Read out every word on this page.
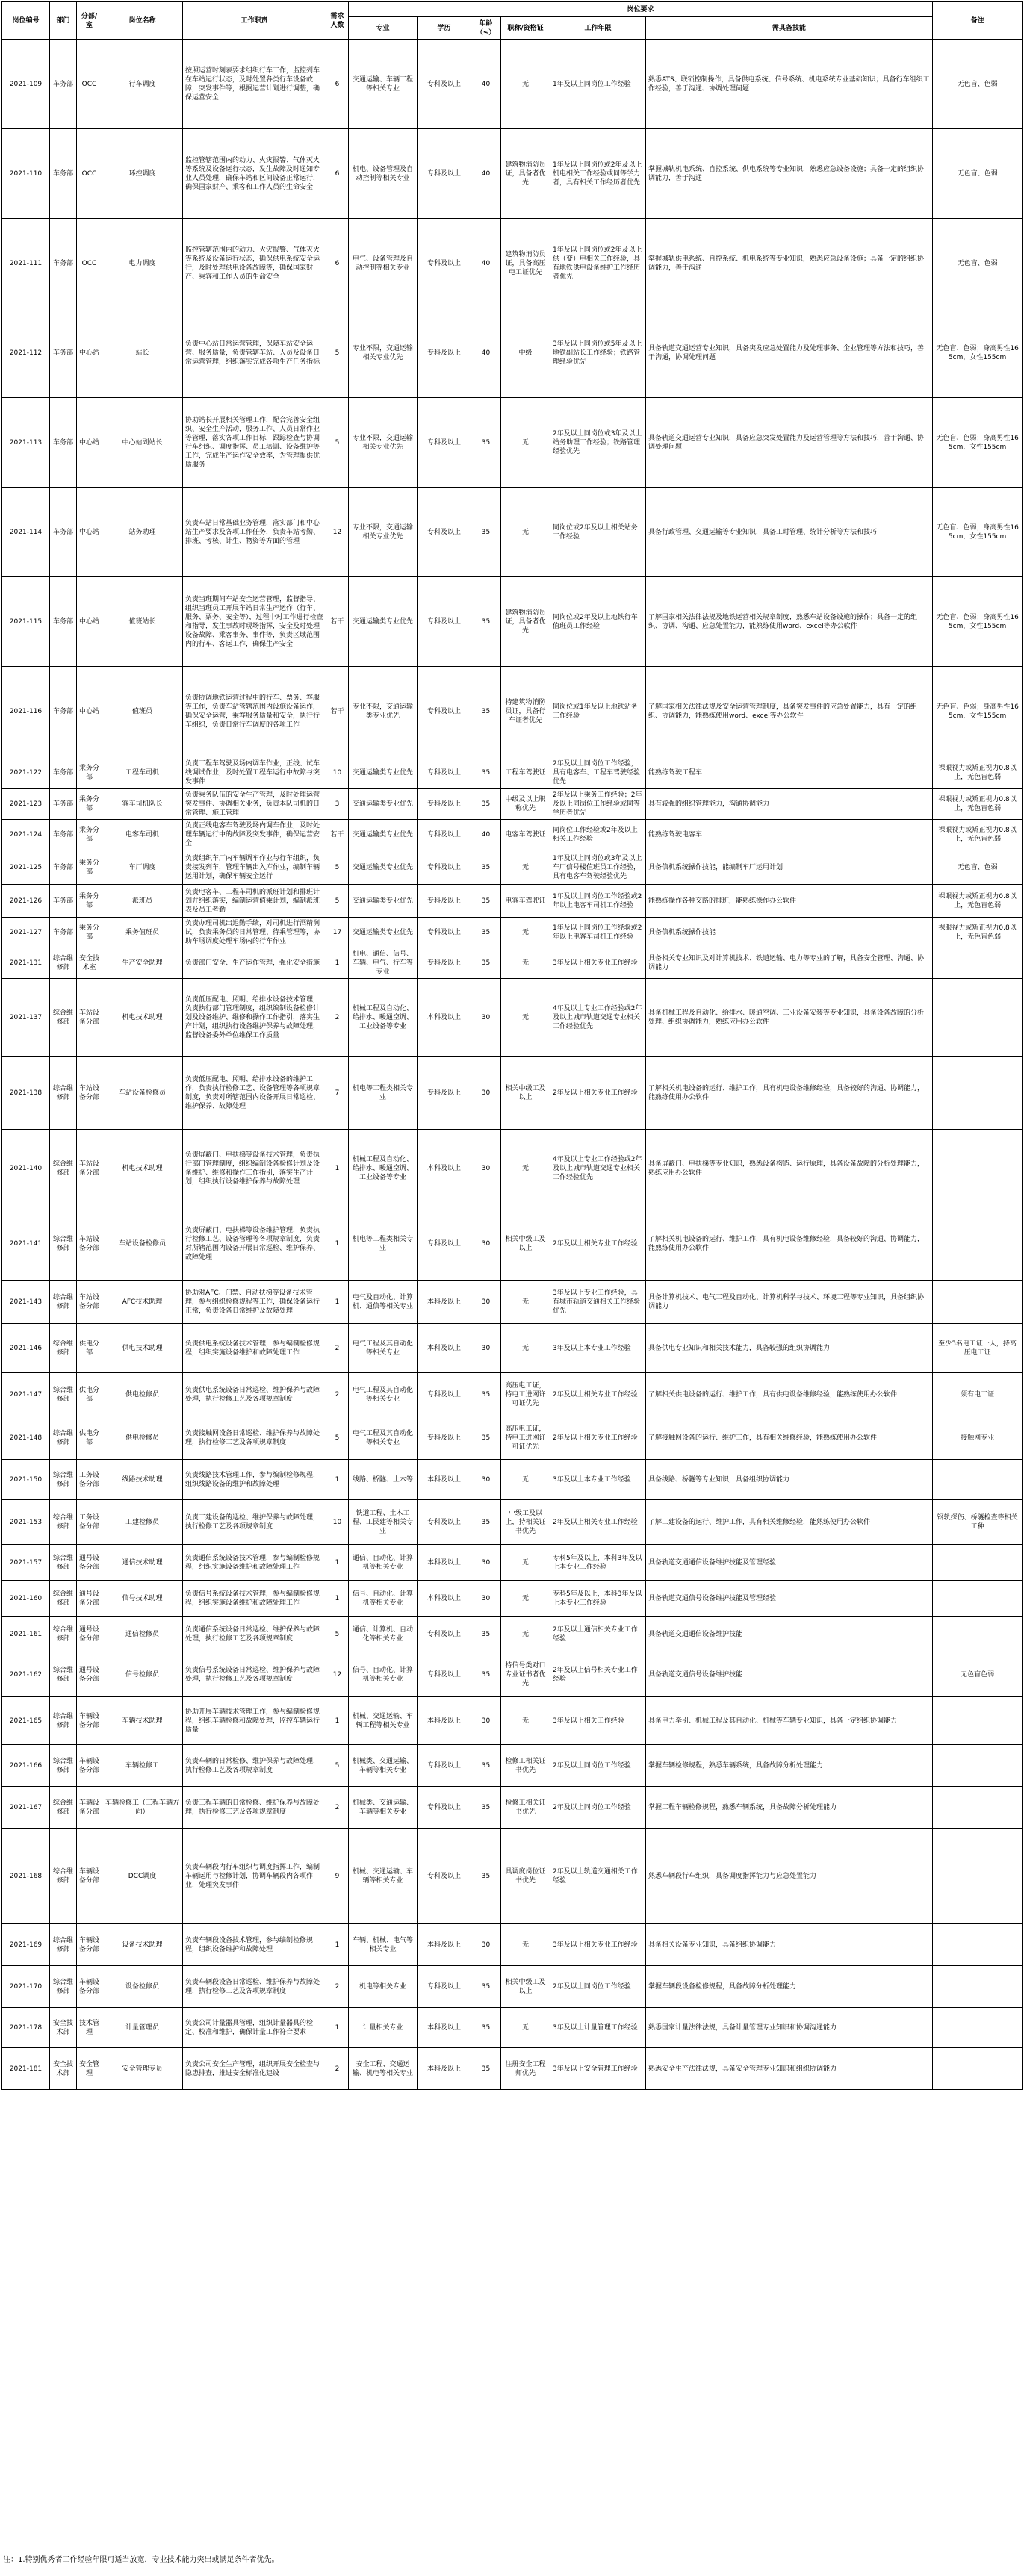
岗位编号	部门	分部/室	岗位名称	工作职责	需求人数	岗位要求						备注
						专业	学历	年龄（≤）	职称/资格证	工作年限	需具备技能	
2021-109	车务部	OCC	行车调度	按照运营时刻表要求组织行车工作，监控列车在车站运行状态，及时处置各类行车设备故障，突发事件等，根据运营计划进行调整，确保运营安全	6	交通运输、车辆工程等相关专业	专科及以上	40	无	1年及以上同岗位工作经验	熟悉ATS、联锁控制操作，具备供电系统、信号系统、机电系统专业基础知识；具备行车组织工作经验，善于沟通、协调处理问题	无色盲、色弱
2021-110	车务部	OCC	环控调度	监控管辖范围内的动力、火灾报警、气体灭火等系统及设备运行状态，发生故障及时通知专业人员处理，确保车站和区间设备正常运行，确保国家财产、乘客和工作人员的生命安全	6	机电、设备管理及自动控制等相关专业	专科及以上	40	建筑物消防员证，具备者优先	1年及以上同岗位或2年及以上机电相关工作经验或同等学力者，具有相关工作经历者优先	掌握城轨机电系统、自控系统、供电系统等专业知识，熟悉应急设备设施；具备一定的组织协调能力，善于沟通	无色盲、色弱
2021-111	车务部	OCC	电力调度	监控管辖范围内的动力、火灾报警、气体灭火等系统及设备运行状态，确保供电系统安全运行，及时处理供电设备故障等，确保国家财产、乘客和工作人员的生命安全	6	电气、设备管理及自动控制等相关专业	专科及以上	40	建筑物消防员证，具备高压电工证优先	1年及以上同岗位或2年及以上供（变）电相关工作经验，具有地铁供电设备维护工作经历者优先	掌握城轨供电系统、自控系统、机电系统等专业知识，熟悉应急设备设施；具备一定的组织协调能力，善于沟通	无色盲、色弱
2021-112	车务部	中心站	站长	负责中心站日常运营管理，保障车站安全运营、服务质量，负责管辖车站、人员及设备日常运营管理，组织落实完成各项生产任务指标	5	专业不限，交通运输相关专业优先	专科及以上	40	中级	3年及以上同岗位或5年及以上地铁副站长工作经验；铁路管理经验优先	具备轨道交通运营专业知识，具备突发应急处置能力及处理事务、企业管理等方法和技巧，善于沟通，协调处理问题	无色盲、色弱；身高男性165cm，女性155cm
2021-113	车务部	中心站	中心站副站长	协助站长开展相关管理工作，配合完善安全组织、安全生产活动，服务工作、人员日常作业等管理，落实各项工作目标，跟踪检查与协调行车组织、调度指挥、员工培训、设备维护等工作，完成生产运作安全效率，为管理提供优质服务	5	专业不限，交通运输相关专业优先	专科及以上	35	无	2年及以上同岗位或3年及以上站务助理工作经验；铁路管理经验优先	具备轨道交通运营专业知识，具备应急突发处置能力及运营管理等方法和技巧，善于沟通、协调处理问题	无色盲、色弱；身高男性165cm，女性155cm
2021-114	车务部	中心站	站务助理	负责车站日常基础业务管理，落实部门和中心站生产要求及各项工作任务，负责车站考勤、排班、考核、计生、物资等方面的管理	12	专业不限，交通运输相关专业优先	专科及以上	35	无	同岗位或2年及以上相关站务工作经验	具备行政管理、交通运输等专业知识，具备工时管理、统计分析等方法和技巧	无色盲、色弱；身高男性165cm，女性155cm
2021-115	车务部	中心站	值班站长	负责当班期间车站安全运营管理，监督指导、组织当班员工开展车站日常生产运作（行车、服务、票务、安全等），过程中对工作进行检查和指导，发生事故时现场指挥，安全及时处理设备故障、乘客事务、事件等，负责区域范围内的行车、客运工作，确保生产安全	若干	交通运输类专业优先	专科及以上	35	建筑物消防员证，具备者优先	同岗位或2年及以上地铁行车值班员工作经验	了解国家相关法律法规及地铁运营相关规章制度，熟悉车站设备设施的操作；具备一定的组织、协调、沟通、应急处置能力，能熟练使用word、excel等办公软件	无色盲、色弱；身高男性165cm，女性155cm
2021-116	车务部	中心站	值班员	负责协调地铁运营过程中的行车、票务、客服等工作，负责车站管辖范围内设施设备运作，确保安全运营，乘客服务质量和安全，执行行车组织，负责日常行车调度的各项工作	若干	专业不限，交通运输类专业优先	专科及以上	35	持建筑物消防员证，具备行车证者优先	同岗位或1年及以上地铁站务工作经验	了解国家相关法律法规及安全运营管理制度，具备突发事件的应急处置能力，具有一定的组织、协调能力，能熟练使用word、excel等办公软件	无色盲、色弱；身高男性165cm，女性155cm
2021-122	车务部	乘务分部	工程车司机	负责工程车驾驶及场内调车作业，正线、试车线调试作业，及时处置工程车运行中故障与突发事件	10	交通运输类专业优先	专科及以上	35	工程车驾驶证	2年及以上同岗位工作经验，具有电客车、工程车驾驶经验优先	能熟练驾驶工程车	裸眼视力或矫正视力0.8以上，无色盲色弱
2021-123	车务部	乘务分部	客车司机队长	负责乘务队伍的安全生产管理，及时处理运营突发事件、协调相关业务，负责本队司机的日常管理、施工管理	3	交通运输类专业优先	专科及以上	35	中级及以上职称优先	2年及以上乘务工作经验；2年及以上同岗位工作经验或同等学历者优先	具有较强的组织管理能力，沟通协调能力	裸眼视力或矫正视力0.8以上，无色盲色弱
2021-124	车务部	乘务分部	电客车司机	负责正线电客车驾驶及场内调车作业，及时处理车辆运行中的故障及突发事件，确保运营安全	若干	交通运输类专业优先	专科及以上	40	电客车驾驶证	同岗位工作经验或2年及以上相关工作经验	能熟练驾驶电客车	裸眼视力或矫正视力0.8以上，无色盲色弱
2021-125	车务部	乘务分部	车厂调度	负责组织车厂内车辆调车作业与行车组织，负责接发列车，管理车辆出入库作业，编制车辆运用计划，确保车辆安全运行	5	交通运输类专业优先	专科及以上	35	无	1年及以上同岗位或3年及以上车厂信号楼值班员工作经验，具有电客车驾驶经验优先	具备信机系统操作技能，能编制车厂运用计划	无色盲、色弱
2021-126	车务部	乘务分部	派班员	负责电客车、工程车司机的派班计划和排班计划并组织落实，编制运营值乘计划，编制派班表及员工考勤	5	交通运输类专业优先	专科及以上	35	电客车驾驶证	1年及以上同岗位工作经验或2年以上电客车司机工作经验	能熟练操作各种交路的排班，能熟练操作办公软件	裸眼视力或矫正视力0.8以上，无色盲色弱
2021-127	车务部	乘务分部	乘务值班员	负责办理司机出退勤手续，对司机进行酒精测试，负责乘务员的日常管理、待乘管理等，协助车场调度处理车场内的行车作业	17	交通运输类专业优先	专科及以上	35	无	1年及以上同岗位工作经验或2年以上电客车司机工作经验	具备信机系统操作技能	裸眼视力或矫正视力0.8以上，无色盲色弱
2021-131	综合维修部	安全技术室	生产安全助理	负责部门安全、生产运作管理，强化安全措施	1	机电、通信、信号、车辆、电气、行车等专业	专科及以上	35	无	3年及以上相关专业工作经验	具备相关专业知识及对计算机技术、铁道运输、电力等专业的了解，具备安全管理、沟通、协调能力	
2021-137	综合维修部	车站设备分部	机电技术助理	负责低压配电、照明、给排水设备技术管理，负责执行部门管理制度，组织编制设备检修计划及设备维护、维修和操作工作指引，落实生产计划，组织执行设备维护保养与故障处理，监督设备委外单位维保工作质量	2	机械工程及自动化、给排水、暖通空调、工业设备等专业	本科及以上	30	无	4年及以上专业工作经验或2年及以上城市轨道交通专业相关工作经验优先	具备机械工程及自动化、给排水、暖通空调、工业设备安装等专业知识，具备设备故障的分析处理、组织协调能力，熟练应用办公软件	
2021-138	综合维修部	车站设备分部	车站设备检修员	负责低压配电、照明、给排水设备的维护工作，负责执行检修工艺、设备管理等各项规章制度，负责对所辖范围内设备开展日常巡检、维护保养、故障处理	7	机电等工程类相关专业	专科及以上	30	相关中级工及以上	2年及以上相关专业工作经验	了解相关机电设备的运行、维护工作，具有机电设备维修经验，具备较好的沟通、协调能力，能熟练使用办公软件	
2021-140	综合维修部	车站设备分部	机电技术助理	负责屏蔽门、电扶梯等设备技术管理，负责执行部门管理制度，组织编制设备检修计划及设备维护、维修和操作工作指引，落实生产计划，组织执行设备维护保养与故障处理	1	机械工程及自动化、给排水、暖通空调、工业设备等专业	本科及以上	30	无	4年及以上专业工作经验或2年及以上城市轨道交通专业相关工作经验优先	具备屏蔽门、电扶梯等专业知识，熟悉设备构造、运行原理，具备设备故障的分析处理能力，熟练应用办公软件	
2021-141	综合维修部	车站设备分部	车站设备检修员	负责屏蔽门、电扶梯等设备维护管理，负责执行检修工艺、设备管理等各项规章制度，负责对所辖范围内设备开展日常巡检、维护保养、故障处理	1	机电等工程类相关专业	专科及以上	30	相关中级工及以上	2年及以上相关专业工作经验	了解相关机电设备的运行、维护工作，具有机电设备维修经验，具备较好的沟通、协调能力，能熟练使用办公软件	
2021-143	综合维修部	车站设备分部	AFC技术助理	协助对AFC、门禁、自动扶梯等设备技术管理，参与组织检修规程等工作，确保设备运行正常，负责设备日常维护及故障处理	1	电气及自动化、计算机、通信等相关专业	本科及以上	30	无	3年及以上专业工作经验，具有城市轨道交通相关工作经验优先	具备计算机技术、电气工程及自动化、计算机科学与技术、环境工程等专业知识，具备组织协调能力	
2021-146	综合维修部	供电分部	供电技术助理	负责供电系统设备技术管理，参与编制检修规程，组织实施设备维护和故障处理工作	2	电气工程及其自动化等相关专业	本科及以上	30	无	3年及以上本专业工作经验	具备供电专业知识和相关技术能力，具备较强的组织协调能力	至少3名电工证一人，持高压电工证
2021-147	综合维修部	供电分部	供电检修员	负责供电系统设备日常巡检、维护保养与故障处理，执行检修工艺及各项规章制度	2	电气工程及其自动化等相关专业	专科及以上	35	高压电工证，持电工进网许可证优先	2年及以上相关专业工作经验	了解相关供电设备的运行、维护工作，具有供电设备维修经验，能熟练使用办公软件	须有电工证
2021-148	综合维修部	供电分部	供电检修员	负责接触网设备日常巡检、维护保养与故障处理，执行检修工艺及各项规章制度	5	电气工程及其自动化等相关专业	专科及以上	35	高压电工证，持电工进网许可证优先	2年及以上相关专业工作经验	了解接触网设备的运行、维护工作，具有相关维修经验，能熟练使用办公软件	接触网专业
2021-150	综合维修部	工务设备分部	线路技术助理	负责线路技术管理工作，参与编制检修规程，组织线路设备的维护和故障处理	1	线路、桥隧、土木等	本科及以上	30	无	3年及以上本专业工作经验	具备线路、桥隧等专业知识，具备组织协调能力	
2021-153	综合维修部	工务设备分部	工建检修员	负责工建设备的巡检、维护保养与故障处理，执行检修工艺及各项规章制度	10	铁道工程、土木工程、工民建等相关专业	专科及以上	35	中级工及以上，持相关证书优先	2年及以上相关专业工作经验	了解工建设备的运行、维护工作，具有相关维修经验，能熟练使用办公软件	钢轨探伤、桥隧检查等相关工种
2021-157	综合维修部	通号设备分部	通信技术助理	负责通信系统设备技术管理，参与编制检修规程，组织实施设备维护和故障处理工作	1	通信、自动化、计算机等相关专业	本科及以上	30	无	专科5年及以上，本科3年及以上本专业工作经验	具备轨道交通通信设备维护技能及管理经验	
2021-160	综合维修部	通号设备分部	信号技术助理	负责信号系统设备技术管理，参与编制检修规程，组织实施设备维护和故障处理工作	1	信号、自动化、计算机等相关专业	本科及以上	30	无	专科5年及以上，本科3年及以上本专业工作经验	具备轨道交通信号设备维护技能及管理经验	
2021-161	综合维修部	通号设备分部	通信检修员	负责通信系统设备日常巡检、维护保养与故障处理，执行检修工艺及各项规章制度	5	通信、计算机、自动化等相关专业	专科及以上	35	无	2年及以上通信相关专业工作经验	具备轨道交通通信设备维护技能	
2021-162	综合维修部	通号设备分部	信号检修员	负责信号系统设备日常巡检、维护保养与故障处理，执行检修工艺及各项规章制度	12	信号、自动化、计算机等相关专业	专科及以上	35	持信号类对口专业证书者优先	2年及以上信号相关专业工作经验	具备轨道交通信号设备维护技能	无色盲色弱
2021-165	综合维修部	车辆设备分部	车辆技术助理	协助开展车辆技术管理工作，参与编制检修规程，组织车辆检修和故障处理，监控车辆运行质量	1	机械、交通运输、车辆工程等相关专业	本科及以上	30	无	3年及以上相关工作经验	具备电力牵引、机械工程及其自动化、机械等车辆专业知识，具备一定组织协调能力	
2021-166	综合维修部	车辆设备分部	车辆检修工	负责车辆的日常检修、维护保养与故障处理，执行检修工艺及各项规章制度	5	机械类、交通运输、车辆等相关专业	专科及以上	35	检修工相关证书优先	2年及以上同岗位工作经验	掌握车辆检修规程，熟悉车辆系统，具备故障分析处理能力	
2021-167	综合维修部	车辆设备分部	车辆检修工（工程车辆方向）	负责工程车辆的日常检修、维护保养与故障处理，执行检修工艺及各项规章制度	2	机械类、交通运输、车辆等相关专业	专科及以上	35	检修工相关证书优先	2年及以上同岗位工作经验	掌握工程车辆检修规程，熟悉车辆系统，具备故障分析处理能力	
2021-168	综合维修部	车辆设备分部	DCC调度	负责车辆段内行车组织与调度指挥工作，编制车辆运用与检修计划，协调车辆段内各项作业，处理突发事件	9	机械、交通运输、车辆等相关专业	专科及以上	35	具调度岗位证书优先	2年及以上轨道交通相关工作经验	熟悉车辆段行车组织，具备调度指挥能力与应急处置能力	
2021-169	综合维修部	车辆设备分部	设备技术助理	负责车辆段设备技术管理，参与编制检修规程，组织设备维护和故障处理	1	车辆、机械、电气等相关专业	本科及以上	30	无	3年及以上相关专业工作经验	具备相关设备专业知识，具备组织协调能力	
2021-170	综合维修部	车辆设备分部	设备检修员	负责车辆段设备日常巡检、维护保养与故障处理，执行检修工艺及各项规章制度	2	机电等相关专业	专科及以上	35	相关中级工及以上	2年及以上同岗位工作经验	掌握车辆段设备检修规程，具备故障分析处理能力	
2021-178	安全技术部	技术管理	计量管理员	负责公司计量器具管理，组织计量器具的检定、校准和维护，确保计量工作符合要求	1	计量相关专业	本科及以上	35	无	3年及以上计量管理工作经验	熟悉国家计量法律法规，具备计量管理专业知识和协调沟通能力	
2021-181	安全技术部	安全管理	安全管理专员	负责公司安全生产管理，组织开展安全检查与隐患排查，推进安全标准化建设	2	安全工程、交通运输、机电等相关专业	本科及以上	35	注册安全工程师优先	3年及以上安全管理工作经验	熟悉安全生产法律法规，具备安全管理专业知识和组织协调能力	
注：1.特别优秀者工作经验年限可适当放宽，专业技术能力突出或满足条件者优先。
